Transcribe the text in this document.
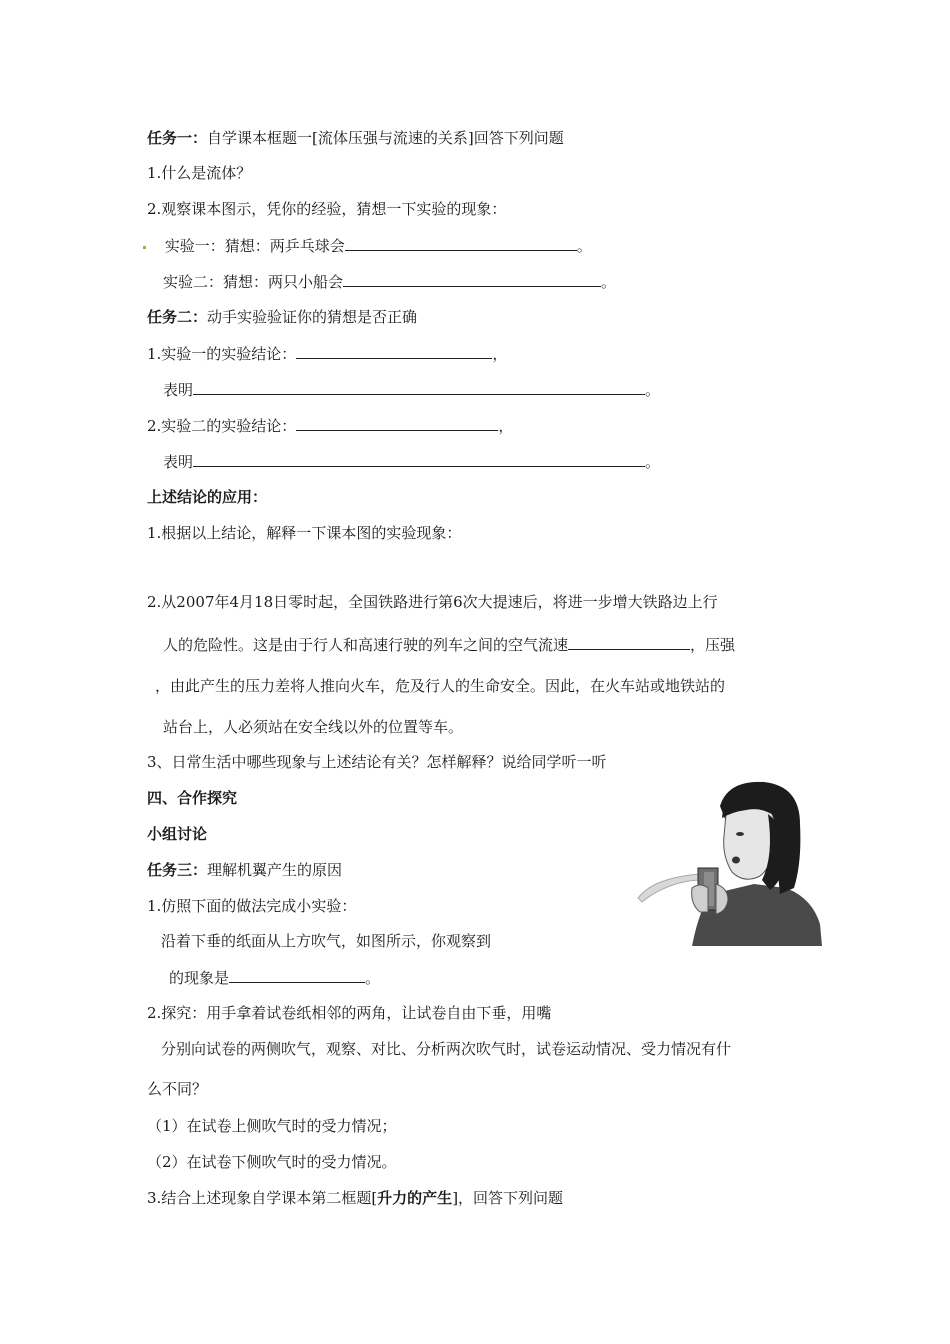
任务一：自学课本框题一[流体压强与流速的关系]回答下列问题
1.什么是流体？
2.观察课本图示，凭你的经验，猜想一下实验的现象：
实验一：猜想：两乒乓球会	。
实验二：猜想：两只小船会	。
任务二：动手实验验证你的猜想是否正确
1.实验一的实验结论：	，
表明	。
2.实验二的实验结论：	，
表明	。
上述结论的应用：
1.根据以上结论，解释一下课本图的实验现象：
2.从2007年4月18日零时起，全国铁路进行第6次大提速后，将进一步增大铁路边上行
人的危险性。这是由于行人和高速行驶的列车之间的空气流速	，压强
，由此产生的压力差将人推向火车，危及行人的生命安全。因此，在火车站或地铁站的
站台上，人必须站在安全线以外的位置等车。
3、日常生活中哪些现象与上述结论有关？怎样解释？说给同学听一听
四、合作探究
小组讨论
任务三：理解机翼产生的原因
1.仿照下面的做法完成小实验：
沿着下垂的纸面从上方吹气，如图所示，你观察到
的现象是	。
2.探究：用手拿着试卷纸相邻的两角，让试卷自由下垂，用嘴
分别向试卷的两侧吹气，观察、对比、分析两次吹气时，试卷运动情况、受力情况有什
么不同？
（1）在试卷上侧吹气时的受力情况；
（2）在试卷下侧吹气时的受力情况。
3.结合上述现象自学课本第二框题[升力的产生]，回答下列问题
